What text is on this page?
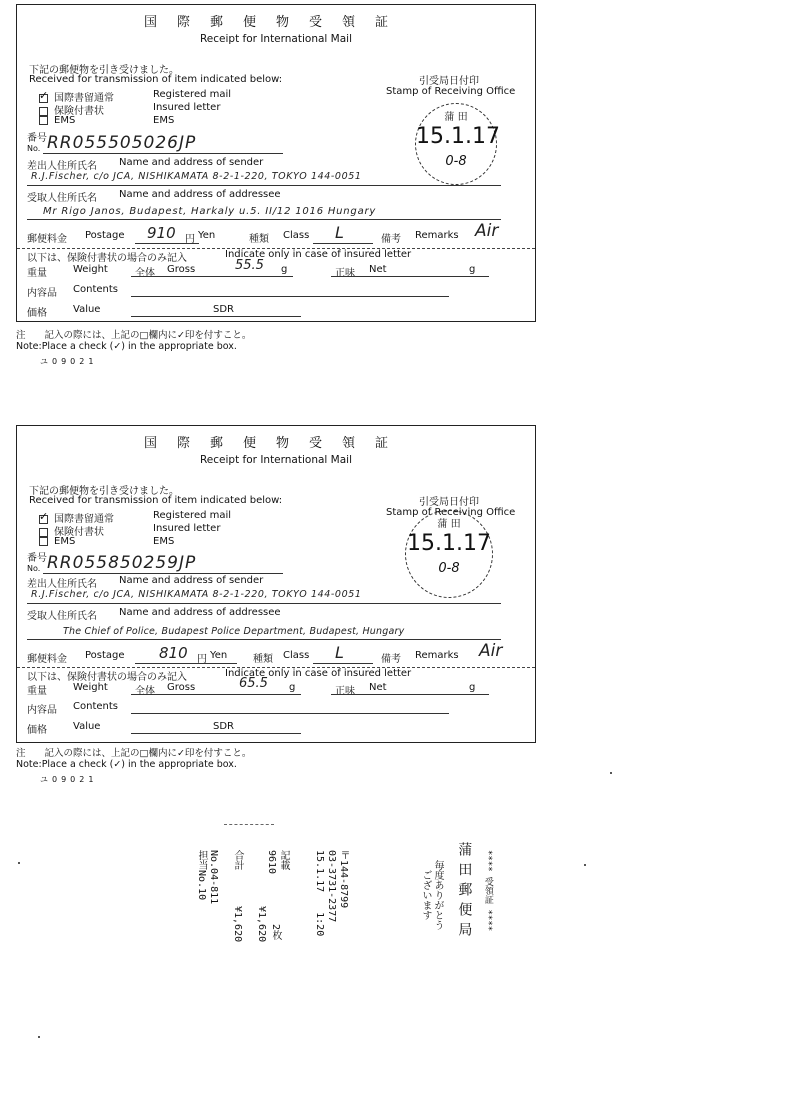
国際郵便物受領証
Receipt for International Mail
下記の郵便物を引き受けました。
Received for transmission of item indicated below:	引受局日付印
Stamp of Receiving Office
✓国際書留通常	Registered mail
保険付書状	Insured letter
EMS	EMS
番号
No. RR055505026JP
差出人住所氏名 Name and address of sender
R.J.Fischer, c/o JCA, NISHIKAMATA 8-2-1-220, TOKYO 144-0051
受取人住所氏名 Name and address of addressee
Mr Rigo Janos, Budapest, Harkaly u.5. II/12 1016 Hungary
郵便料金 Postage 910 円 Yen	種類 Class L	備考 Remarks Air
以下は、保険付書状の場合のみ記入	Indicate only in case of insured letter
重量	Weight	全体 Gross	55.5 g	正味 Net	g
内容品 Contents
価格	Value	SDR
蒲 田
15.1.17
0-8
注　　記入の際には、上記の□欄内に✓印を付すこと。
Note:Place a check (✓) in the appropriate box.
ユ09021
国際郵便物受領証
Receipt for International Mail
下記の郵便物を引き受けました。
Received for transmission of item indicated below:	引受局日付印
Stamp of Receiving Office
✓国際書留通常	Registered mail
保険付書状	Insured letter
EMS	EMS
番号
No. RR055850259JP
差出人住所氏名 Name and address of sender
R.J.Fischer, c/o JCA, NISHIKAMATA 8-2-1-220, TOKYO 144-0051
受取人住所氏名 Name and address of addressee
The Chief of Police, Budapest Police Department, Budapest, Hungary
郵便料金 Postage 810 円 Yen	種類 Class L	備考 Remarks Air
以下は、保険付書状の場合のみ記入	Indicate only in case of insured letter
重量	Weight	全体 Gross	65.5 g	正味 Net	g
内容品 Contents
価格	Value	SDR
蒲 田
15.1.17
0-8
注　　記入の際には、上記の□欄内に✓印を付すこと。
Note:Place a check (✓) in the appropriate box.
ユ09021
**** 受領証 ****
蒲田郵便局
毎度ありがとう
ございます
〒144-8799
03-3731-2377
15.1.17　　1:20
記載
9610
2枚
¥1,620
合計
¥1,620
No.04-811
担当No.10
